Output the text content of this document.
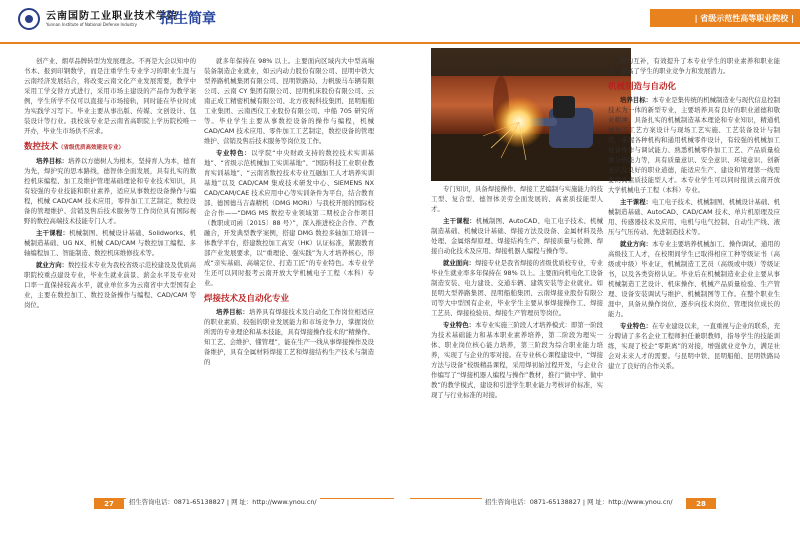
云南国防工业职业技术学院
Yunnan Institute of National Defense Industry	招生简章	| 省级示范性高等职业院校 |

创产业、烟草品牌转型为发展理念。不再是大会以知中的书本、报到印钢数学，而是注重学生专业学习的职业生涯与云南经济发展结合，将改变云南文化产业发展需要，教学中采用工学交替方式进行，采用市场主建设的产品作为教学案例，学生所学不仅可以直接与市场接轨，同时能在毕业时成为实践学习写下。毕业主要从事出版、传媒、文创设计、包装设计等行业。我校该专业是云南省高职院上学历院校唯一开办，毕业生市场供不应求。

数控技术（省级优质高效建设专业）

培养目标：培养以方德树人为根本，坚持育人为本，德育为先，焊护究的思本路线，德智体全面发展，具有扎实的数控机床编程、加工及维护管理基础理论和专业技术知识，具有较强的专业技能和职业素养，适应从事数控设备操作与编程，机械 CAD/CAM 技术应用，零件加工工艺制定，数控设备的管理维护、营销及售后技术服务等工作岗位具有国际视野的数控高端技术技能专门人才。

主干课程：机械制图、机械设计基础、Solidworks、机械制造基础、UG NX、机械 CAD/CAM 与数控加工编程、多轴编程加工、智能制造、数控机床维修技术等。

就业方向：数控技术专业为我校省级示范校建设及优质高职院校重点建设专业，毕业生就业前景、薪金水平及专业对口率一直保持较高水平，就业单位多为云南省中大型国有企业，主要在数控加工、数控设备操作与编程、CAD/CAM 等岗位。

就多年保持在 98% 以上。主要面向区域内大中型高端装备制造企业就业，如云内动力股份有限公司、昆明中铁大型养路机械集团有限公司、昆明铁路局、力帆骏马车辆有限公司、云南 CY 集团有限公司、昆明机床股份有限公司、云南正成工精密机械有限公司、北方夜视科技集团、昆明船舶工业集团、云南西仪工业股份有限公司、中船 705 研究所等。毕业学生主要从事数控设备的操作与编程，机械 CAD/CAM 技术应用、零件加工工艺制定，数控设备的管理维护、营销及售后技术服务等岗位及工作。

专业特色：以学院“中央财政支持的数控技术实训基地”、“省级示范机械加工实训基地”、“国防科技工业职业教育实训基地”、“云南省数控技术专业互融加工人才培养实训基地”以及 CAD/CAM 集成技术研发中心、SIEMENS NX CAD/CAM/CAE 技术应用中心等实训条件为平台，结合教育部、德国德马吉森精机（DMG MORI）与我校开展的国际校企合作——“DMG MS 数控专业领域第二期校企合作项目（教职成司函〔2015〕88 号）”，深入推进校企合作、产教融合，开发典型教学案例，搭建 DMG 数控多轴加工培训一体教学平台，搭建数控加工高安（HK）认证标准，紧跟教育部产业发展要求，以“重理论、强实践”为人才培养核心，形成“亲实基础、高端定位、打造工匠”的专业特色。本专业学生还可以同时报考云南开放大学机械电子工程（本科）专业。

焊接技术及自动化专业

培养目标：培养具有焊接技术及自动化工作岗位相适应的职业素质、较强的职业发展能力和市场竞争力，掌握岗位所需的专业理论和基本技能，具有焊接操作技术的“精操作、知工艺、会维护、懂管理”，能在生产一线从事焊接操作及设备维护，具有全属材料焊接工艺和焊接结构生产技术与制造的

专门知识，具备焊接操作、焊接工艺编制与实施能力的技工型、复合型、德智体美劳全面发展的、高素质技能型人才。

主干课程：机械制图、AutoCAD、电工电子技术、机械制造基础、机械设计基础、焊接方法及设备、金属材料及热处理、金属熔焊原理、焊接结构生产、焊接质量与检测、焊接自动化技术及应用、焊接机器人编程与操作等。

就业面向：焊接专业是我省焊接的省级优质校专业，专业毕业生就业率多年保持在 98% 以上。主要面向机电化工设备制造安装、电力建设、交通车辆、建筑安装等企业就业。如昆明大型养路集团、昆明船舶集团、云南焊接业股份有限公司等大中型国有企业，毕业学生主要从事焊接操作工、焊接工艺员、焊接检验员、焊接生产管理员等岗位。

专业特色：本专业实施三阶段人才培养模式：即第一阶段为技术基础能力和基本职业素养培养，第二阶段为理实一体、职业岗位核心能力培养，第三阶段为综合职业能力培养，实现了与企业的零对接。在专业核心课程建设中，“焊接方法与设备”校级精品课程，采用焊初始过程开发，与企业合作编写了“焊接机器人编程与操作”教材，推行“做中学、做中教”的教学模式，建设和引进学生职业能力考核评价标准，实现了与行业标准的对接。

源的互补，有效提升了本专业学生的职业素养和职业能力，提高了学生的职业竞争力和发展潜力。

机械制造与自动化

培养目标：本专业是集传统的机械制造业与现代信息控制技术为一体的新型专业，主要培养具有良好的职业道德和敬业精神，具备扎实的机械制造基本理论和专业知识，精通机械加工工艺方案设计与现场工艺实施、工艺装备设计与制造，掌握各种机构和通用机械零件设计，有较强的机械加工设备操作与调试能力、熟悉机械零件加工工艺、产品质量检测分析能力等，具有质量意识、安全意识、环境意识、创新意识及良好的职业道德，能适应生产、建设和管理第一线需要的高素质技能型人才。本专业学生可以同时报读云南开放大学机械电子工程（本科）专业。

主干课程：电工电子技术、机械制图、机械设计基础、机械制造基础、AutoCAD、CAD/CAM 技术、单片机原理及应用、传感器技术及应用、电机与电气控制、自动生产线、液压与气压传动、先进制造技术等。

就业方向：本专业主要培养机械加工、操作调试、通用的高级技工人才，在校期间学生已取得相应工种等级证书（高级或中级）毕业证，机械制造工艺员（高级或中级）等级证书，以及各类资格认证。毕业后在机械制造业企业主要从事机械制造工艺设计、机床操作、机械产品质量检验、生产管理、设备安装调试与维护、机械制图等工作。在整个职业生涯中，具备从操作岗位、逐步向技术岗位、管理岗位成长的能力。

专业特色：在专业建设以来，一直重视与企业的联系，充分聘请了多名企业工程师担任兼职教师，指导学生的技能训练，实现了校企“零距离”的对接，增强就业竞争力，满足社会对未来人才的需要。与昆明中铁、昆明船舶、昆明铁路局建立了良好的合作关系。

27	招生咨询电话：0871-65138827 | 网 址：http://www.ynou.cn/	招生咨询电话：0871-65138827 | 网 址：http://www.ynou.cn/	28
